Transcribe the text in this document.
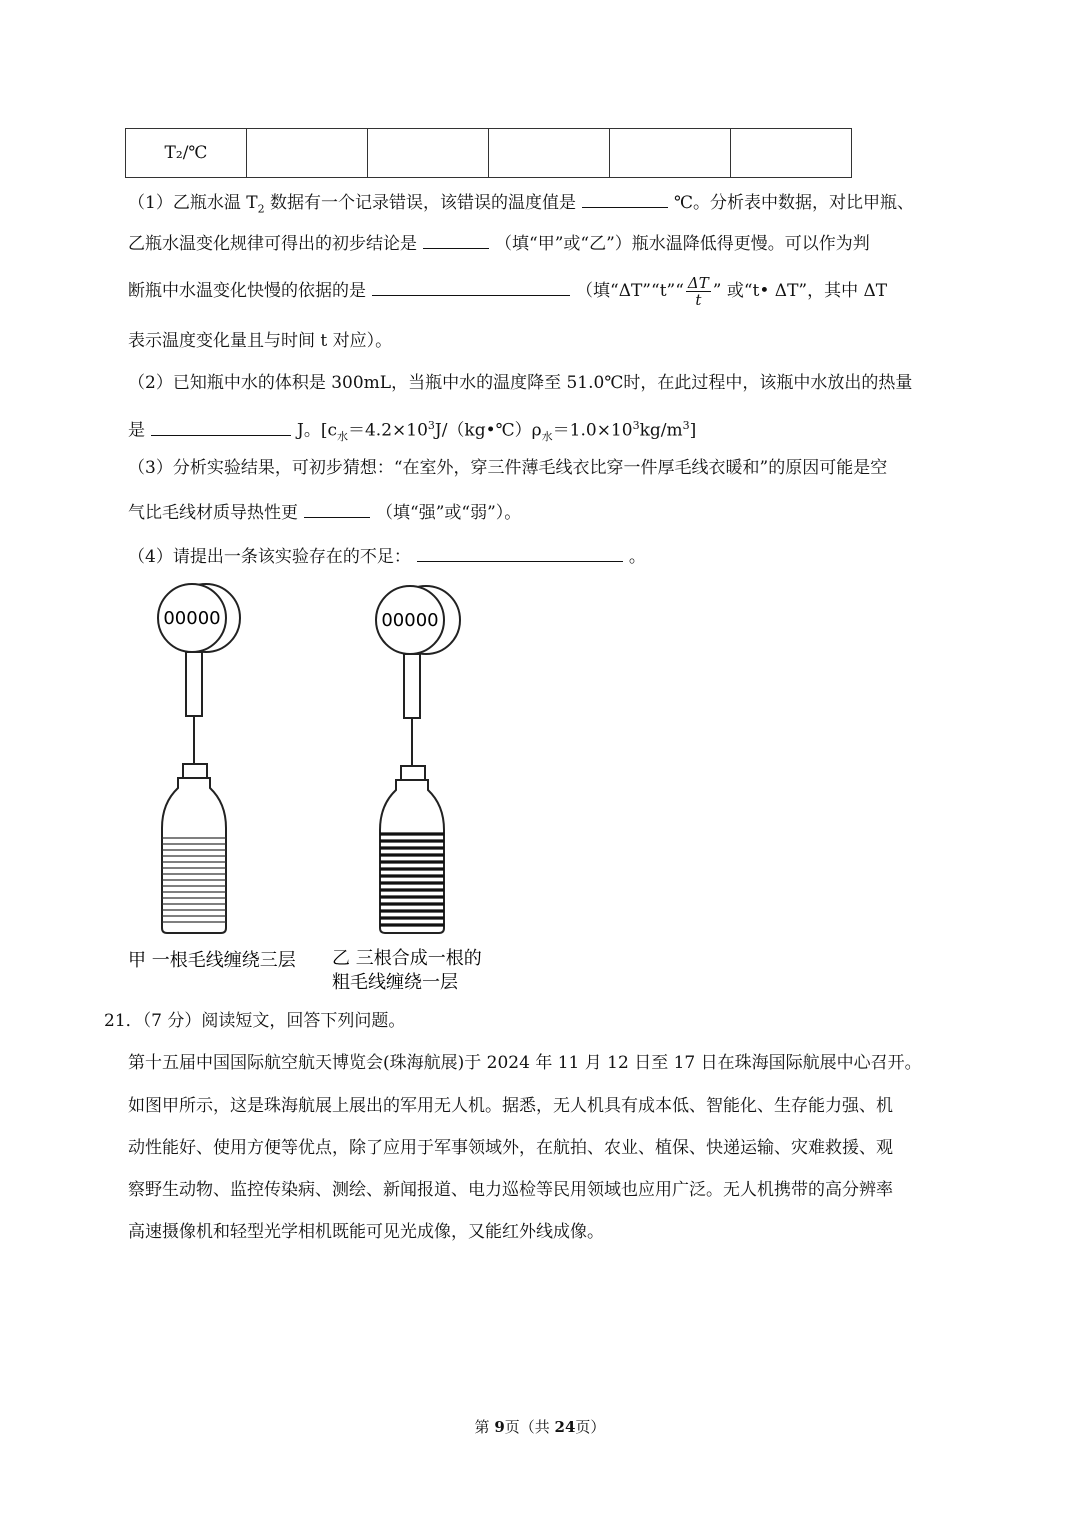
T₂/℃					
（1）乙瓶水温 $T_2$ 数据有一个记录错误，该错误的温度值是	℃。分析表中数据，对比甲瓶、
乙瓶水温变化规律可得出的初步结论是	（填“甲”或“乙”）瓶水温降低得更慢。可以作为判
断瓶中水温变化快慢的依据的是	（填“ΔT”“t”“ $\frac{\Delta T}{t}$ ” 或“t• ΔT”，其中 ΔT
表示温度变化量且与时间 t 对应）。
（2）已知瓶中水的体积是 300mL，当瓶中水的温度降至 51.0℃时，在此过程中，该瓶中水放出的热量
是	J。$[c_水=4.2\times 10^3J/(kg•℃)\rho_水=1.0\times 10^3kg/m^3]$
（3）分析实验结果，可初步猜想：“在室外，穿三件薄毛线衣比穿一件厚毛线衣暖和”的原因可能是空
气比毛线材质导热性更	（填“强”或“弱”）。
（4）请提出一条该实验存在的不足：	。
00000	00000
甲 一根毛线缠绕三层 乙 三根合成一根的
粗毛线缠绕一层
21．（7 分）阅读短文，回答下列问题。
第十五届中国国际航空航天博览会(珠海航展)于 2024 年 11 月 12 日至 17 日在珠海国际航展中心召开。
如图甲所示，这是珠海航展上展出的军用无人机。据悉，无人机具有成本低、智能化、生存能力强、机
动性能好、使用方便等优点，除了应用于军事领域外，在航拍、农业、植保、快递运输、灾难救援、观
察野生动物、监控传染病、测绘、新闻报道、电力巡检等民用领域也应用广泛。无人机携带的高分辨率
高速摄像机和轻型光学相机既能可见光成像，又能红外线成像。
第 9页（共 24页）
